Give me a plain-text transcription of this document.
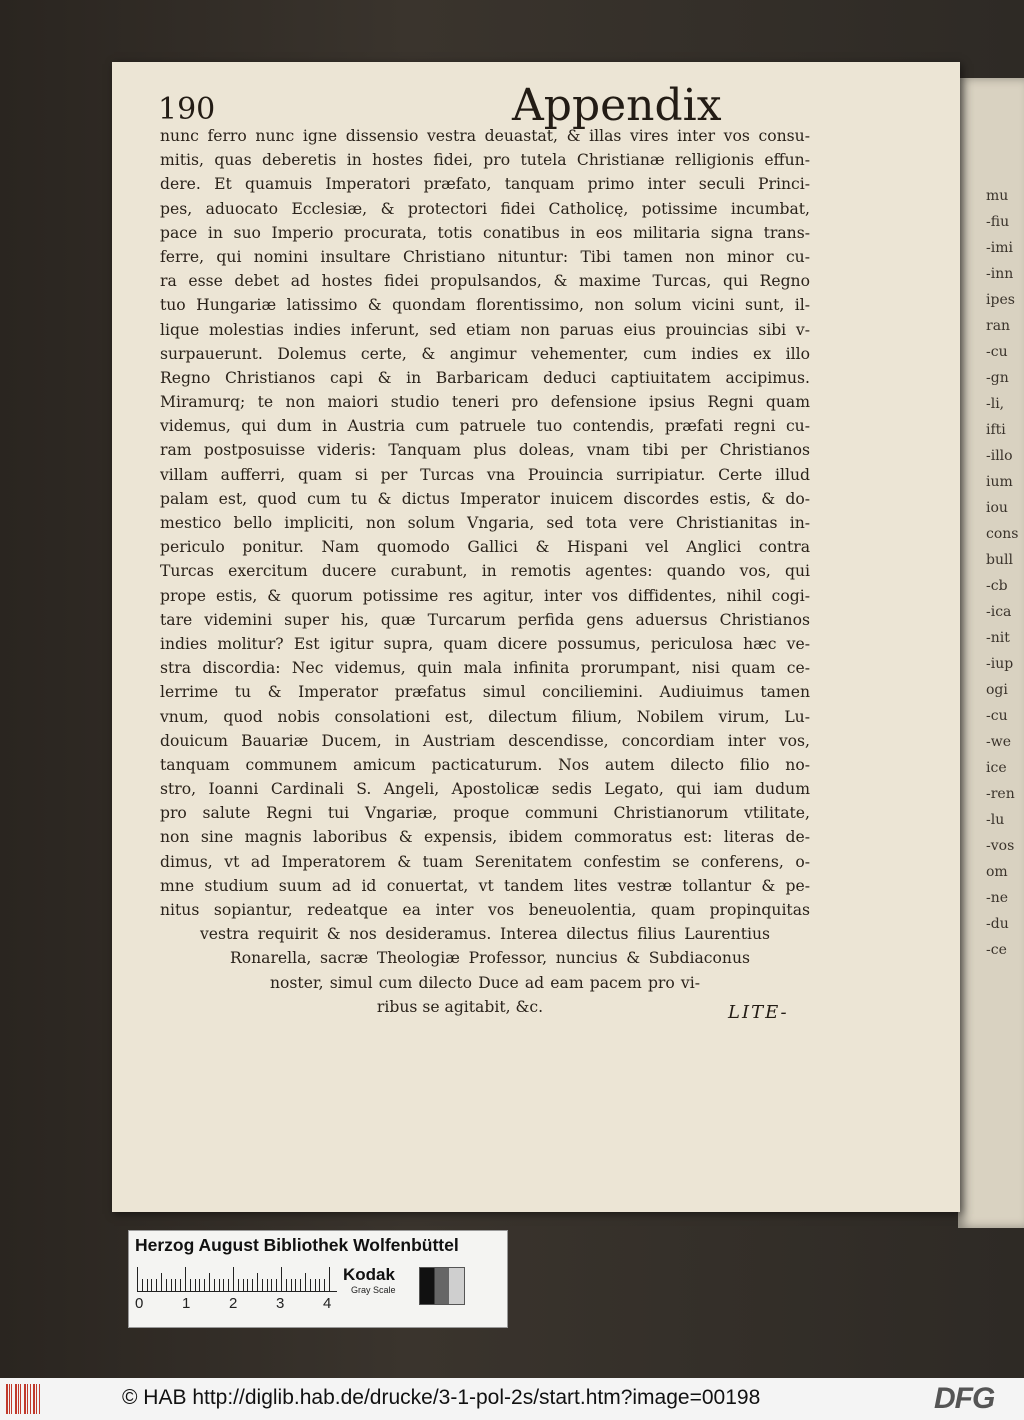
mu
-fiu
-imi
-inn
ipes
ran
-cu
-gn
-li,
ifti
-illo
ium
iou
cons
bull
-cb
-ica
-nit
-iup
ogi
-cu
-we
ice
-ren
-lu
-vos
om
-ne
-du
-ce
190	Appendix
nunc ferro nunc igne dissensio vestra deuastat, & illas vires inter vos consu-
mitis, quas deberetis in hostes fidei, pro tutela Christianæ relligionis effun-
dere. Et quamuis Imperatori præfato, tanquam primo inter seculi Princi-
pes, aduocato Ecclesiæ, & protectori fidei Catholicę, potissime incumbat,
pace in suo Imperio procurata, totis conatibus in eos militaria signa trans-
ferre, qui nomini insultare Christiano nituntur: Tibi tamen non minor cu-
ra esse debet ad hostes fidei propulsandos, & maxime Turcas, qui Regno
tuo Hungariæ latissimo & quondam florentissimo, non solum vicini sunt, il-
lique molestias indies inferunt, sed etiam non paruas eius prouincias sibi v-
surpauerunt. Dolemus certe, & angimur vehementer, cum indies ex illo
Regno Christianos capi & in Barbaricam deduci captiuitatem accipimus.
Miramurq; te non maiori studio teneri pro defensione ipsius Regni quam
videmus, qui dum in Austria cum patruele tuo contendis, præfati regni cu-
ram postposuisse videris: Tanquam plus doleas, vnam tibi per Christianos
villam aufferri, quam si per Turcas vna Prouincia surripiatur. Certe illud
palam est, quod cum tu & dictus Imperator inuicem discordes estis, & do-
mestico bello impliciti, non solum Vngaria, sed tota vere Christianitas in-
periculo ponitur. Nam quomodo Gallici & Hispani vel Anglici contra
Turcas exercitum ducere curabunt, in remotis agentes: quando vos, qui
prope estis, & quorum potissime res agitur, inter vos diffidentes, nihil cogi-
tare videmini super his, quæ Turcarum perfida gens aduersus Christianos
indies molitur? Est igitur supra, quam dicere possumus, periculosa hæc ve-
stra discordia: Nec videmus, quin mala infinita prorumpant, nisi quam ce-
lerrime tu & Imperator præfatus simul conciliemini. Audiuimus tamen
vnum, quod nobis consolationi est, dilectum filium, Nobilem virum, Lu-
douicum Bauariæ Ducem, in Austriam descendisse, concordiam inter vos,
tanquam communem amicum pacticaturum. Nos autem dilecto filio no-
stro, Ioanni Cardinali S. Angeli, Apostolicæ sedis Legato, qui iam dudum
pro salute Regni tui Vngariæ, proque communi Christianorum vtilitate,
non sine magnis laboribus & expensis, ibidem commoratus est: literas de-
dimus, vt ad Imperatorem & tuam Serenitatem confestim se conferens, o-
mne studium suum ad id conuertat, vt tandem lites vestræ tollantur & pe-
nitus sopiantur, redeatque ea inter vos beneuolentia, quam propinquitas
vestra requirit & nos desideramus. Interea dilectus filius Laurentius
Ronarella, sacræ Theologiæ Professor, nuncius & Subdiaconus
noster, simul cum dilecto Duce ad eam pacem pro vi-
ribus se agitabit, &c.	LITE-
Herzog August Bibliothek Wolfenbüttel
0	1	2	3	4
Kodak
Gray Scale
© HAB http://diglib.hab.de/drucke/3-1-pol-2s/start.htm?image=00198	DFG
